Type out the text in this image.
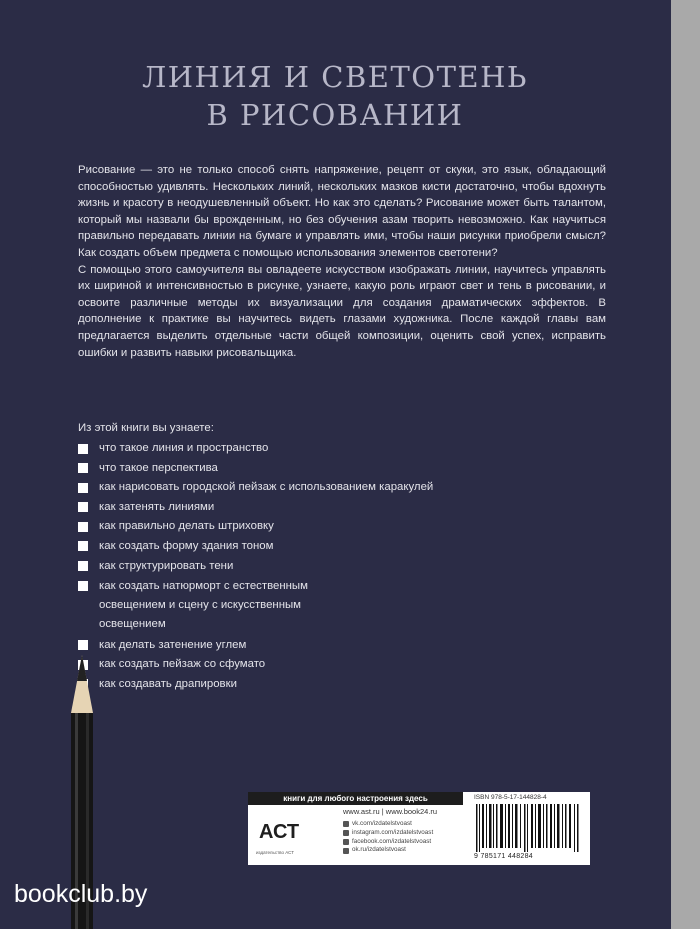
ЛИНИЯ И СВЕТОТЕНЬ
В РИСОВАНИИ

Рисование — это не только способ снять напряжение, рецепт от скуки, это язык, обладающий способностью удивлять. Нескольких линий, нескольких мазков кисти достаточно, чтобы вдохнуть жизнь и красоту в неодушевленный объект. Но как это сделать? Рисование может быть талантом, который мы назвали бы врожденным, но без обучения азам творить невозможно. Как научиться правильно передавать линии на бумаге и управлять ими, чтобы наши рисунки приобрели смысл? Как создать объем предмета с помощью использования элементов светотени?

С помощью этого самоучителя вы овладеете искусством изображать линии, научитесь управлять их шириной и интенсивностью в рисунке, узнаете, какую роль играют свет и тень в рисовании, и освоите различные методы их визуализации для создания драматических эффектов. В дополнение к практике вы научитесь видеть глазами художника. После каждой главы вам предлагается выделить отдельные части общей композиции, оценить свой успех, исправить ошибки и развить навыки рисовальщика.

Из этой книги вы узнаете:

что такое линия и пространство
что такое перспектива
как нарисовать городской пейзаж с использованием каракулей
как затенять линиями
как правильно делать штриховку
как создать форму здания тоном
как структурировать тени
как создать натюрморт с естественным освещением и сцену с искусственным освещением
как делать затенение углем
как создать пейзаж со сфумато
как создавать драпировки
книги для любого настроения здесь
АСТ
издательство АСТ
www.ast.ru | www.book24.ru
vk.com/izdatelstvoast
instagram.com/izdatelstvoast
facebook.com/izdatelstvoast
ok.ru/izdatelstvoast
ISBN 978-5-17-144828-4
9 785171 448284

bookclub.by
